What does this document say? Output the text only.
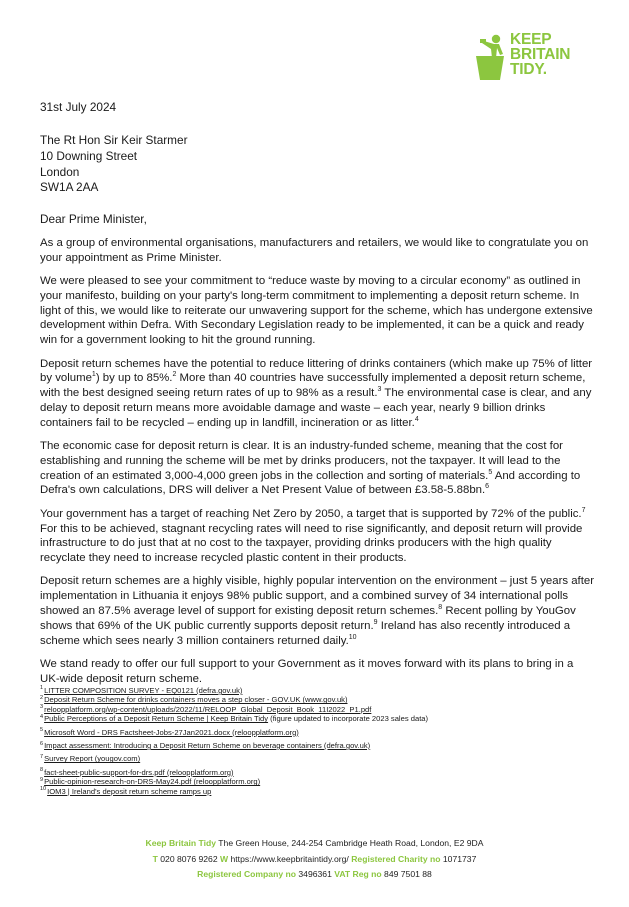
KEEP
BRITAIN
TIDY.
31st July 2024
The Rt Hon Sir Keir Starmer
10 Downing Street
London
SW1A 2AA
Dear Prime Minister,

As a group of environmental organisations, manufacturers and retailers, we would like to congratulate you on your appointment as Prime Minister.

We were pleased to see your commitment to “reduce waste by moving to a circular economy” as outlined in your manifesto, building on your party's long-term commitment to implementing a deposit return scheme. In light of this, we would like to reiterate our unwavering support for the scheme, which has undergone extensive development within Defra. With Secondary Legislation ready to be implemented, it can be a quick and ready win for a government looking to hit the ground running.

Deposit return schemes have the potential to reduce littering of drinks containers (which make up 75% of litter by volume$^1$) by up to 85%.$^2$ More than 40 countries have successfully implemented a deposit return scheme, with the best designed seeing return rates of up to 98% as a result.$^3$ The environmental case is clear, and any delay to deposit return means more avoidable damage and waste – each year, nearly 9 billion drinks containers fail to be recycled – ending up in landfill, incineration or as litter.$^4$

The economic case for deposit return is clear. It is an industry-funded scheme, meaning that the cost for establishing and running the scheme will be met by drinks producers, not the taxpayer. It will lead to the creation of an estimated 3,000-4,000 green jobs in the collection and sorting of materials.$^5$ And according to Defra's own calculations, DRS will deliver a Net Present Value of between £3.58-5.88bn.$^6$

Your government has a target of reaching Net Zero by 2050, a target that is supported by 72% of the public.$^7$ For this to be achieved, stagnant recycling rates will need to rise significantly, and deposit return will provide infrastructure to do just that at no cost to the taxpayer, providing drinks producers with the high quality recyclate they need to increase recycled plastic content in their products.

Deposit return schemes are a highly visible, highly popular intervention on the environment – just 5 years after implementation in Lithuania it enjoys 98% public support, and a combined survey of 34 international polls showed an 87.5% average level of support for existing deposit return schemes.$^8$ Recent polling by YouGov shows that 69% of the UK public currently supports deposit return.$^9$ Ireland has also recently introduced a scheme which sees nearly 3 million containers returned daily.$^{10}$

We stand ready to offer our full support to your Government as it moves forward with its plans to bring in a UK-wide deposit return scheme.

$^1$LITTER COMPOSITION SURVEY - EQ0121 (defra.gov.uk)
$^2$Deposit Return Scheme for drinks containers moves a step closer - GOV.UK (www.gov.uk)
$^3$reloopplatform.org/wp-content/uploads/2022/11/RELOOP_Global_Deposit_Book_11I2022_P1.pdf
$^4$Public Perceptions of a Deposit Return Scheme | Keep Britain Tidy (figure updated to incorporate 2023 sales data)
$^5$Microsoft Word - DRS Factsheet-Jobs-27Jan2021.docx (reloopplatform.org)
$^6$Impact assessment: Introducing a Deposit Return Scheme on beverage containers (defra.gov.uk)
$^7$Survey Report (yougov.com)
$^8$fact-sheet-public-support-for-drs.pdf (reloopplatform.org)
$^9$Public-opinion-research-on-DRS-May24.pdf (reloopplatform.org)
$^{10}$IOM3 | Ireland's deposit return scheme ramps up
Keep Britain Tidy The Green House, 244-254 Cambridge Heath Road, London, E2 9DA
T 020 8076 9262 W https://www.keepbritaintidy.org/ Registered Charity no 1071737
Registered Company no 3496361 VAT Reg no 849 7501 88
